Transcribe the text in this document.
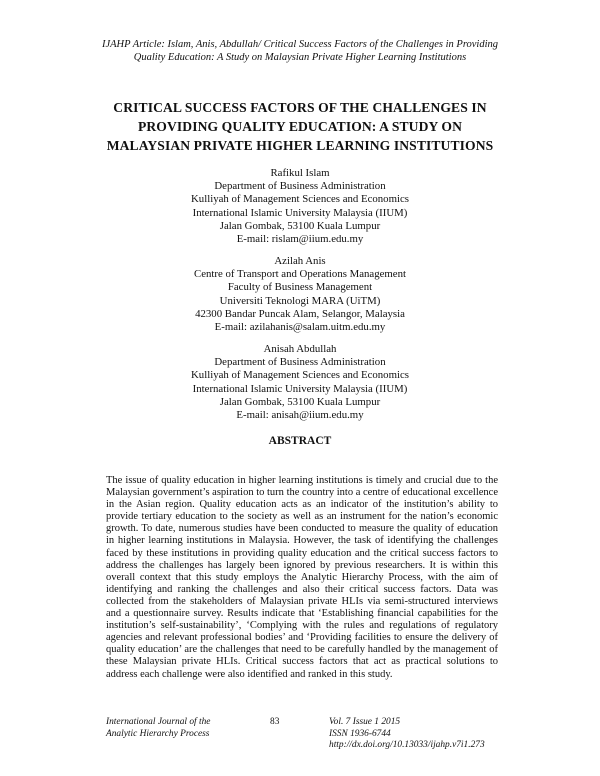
IJAHP Article: Islam, Anis, Abdullah/ Critical Success Factors of the Challenges in Providing
Quality Education: A Study on Malaysian Private Higher Learning Institutions
CRITICAL SUCCESS FACTORS OF THE CHALLENGES IN
PROVIDING QUALITY EDUCATION: A STUDY ON
MALAYSIAN PRIVATE HIGHER LEARNING INSTITUTIONS
Rafikul Islam
Department of Business Administration
Kulliyah of Management Sciences and Economics
International Islamic University Malaysia (IIUM)
Jalan Gombak, 53100 Kuala Lumpur
E-mail: rislam@iium.edu.my
Azilah Anis
Centre of Transport and Operations Management
Faculty of Business Management
Universiti Teknologi MARA (UiTM)
42300 Bandar Puncak Alam, Selangor, Malaysia
E-mail: azilahanis@salam.uitm.edu.my
Anisah Abdullah
Department of Business Administration
Kulliyah of Management Sciences and Economics
International Islamic University Malaysia (IIUM)
Jalan Gombak, 53100 Kuala Lumpur
E-mail: anisah@iium.edu.my
ABSTRACT
The issue of quality education in higher learning institutions is timely and crucial due to the Malaysian government’s aspiration to turn the country into a centre of educational excellence in the Asian region. Quality education acts as an indicator of the institution’s ability to provide tertiary education to the society as well as an instrument for the nation’s economic growth. To date, numerous studies have been conducted to measure the quality of education in higher learning institutions in Malaysia. However, the task of identifying the challenges faced by these institutions in providing quality education and the critical success factors to address the challenges has largely been ignored by previous researchers. It is within this overall context that this study employs the Analytic Hierarchy Process, with the aim of identifying and ranking the challenges and also their critical success factors. Data was collected from the stakeholders of Malaysian private HLIs via semi-structured interviews and a questionnaire survey. Results indicate that ‘Establishing financial capabilities for the institution’s self-sustainability’, ‘Complying with the rules and regulations of regulatory agencies and relevant professional bodies’ and ‘Providing facilities to ensure the delivery of quality education’ are the challenges that need to be carefully handled by the management of these Malaysian private HLIs. Critical success factors that act as practical solutions to address each challenge were also identified and ranked in this study.
International Journal of the
Analytic Hierarchy Process
83	Vol. 7 Issue 1 2015
ISSN 1936-6744
http://dx.doi.org/10.13033/ijahp.v7i1.273
